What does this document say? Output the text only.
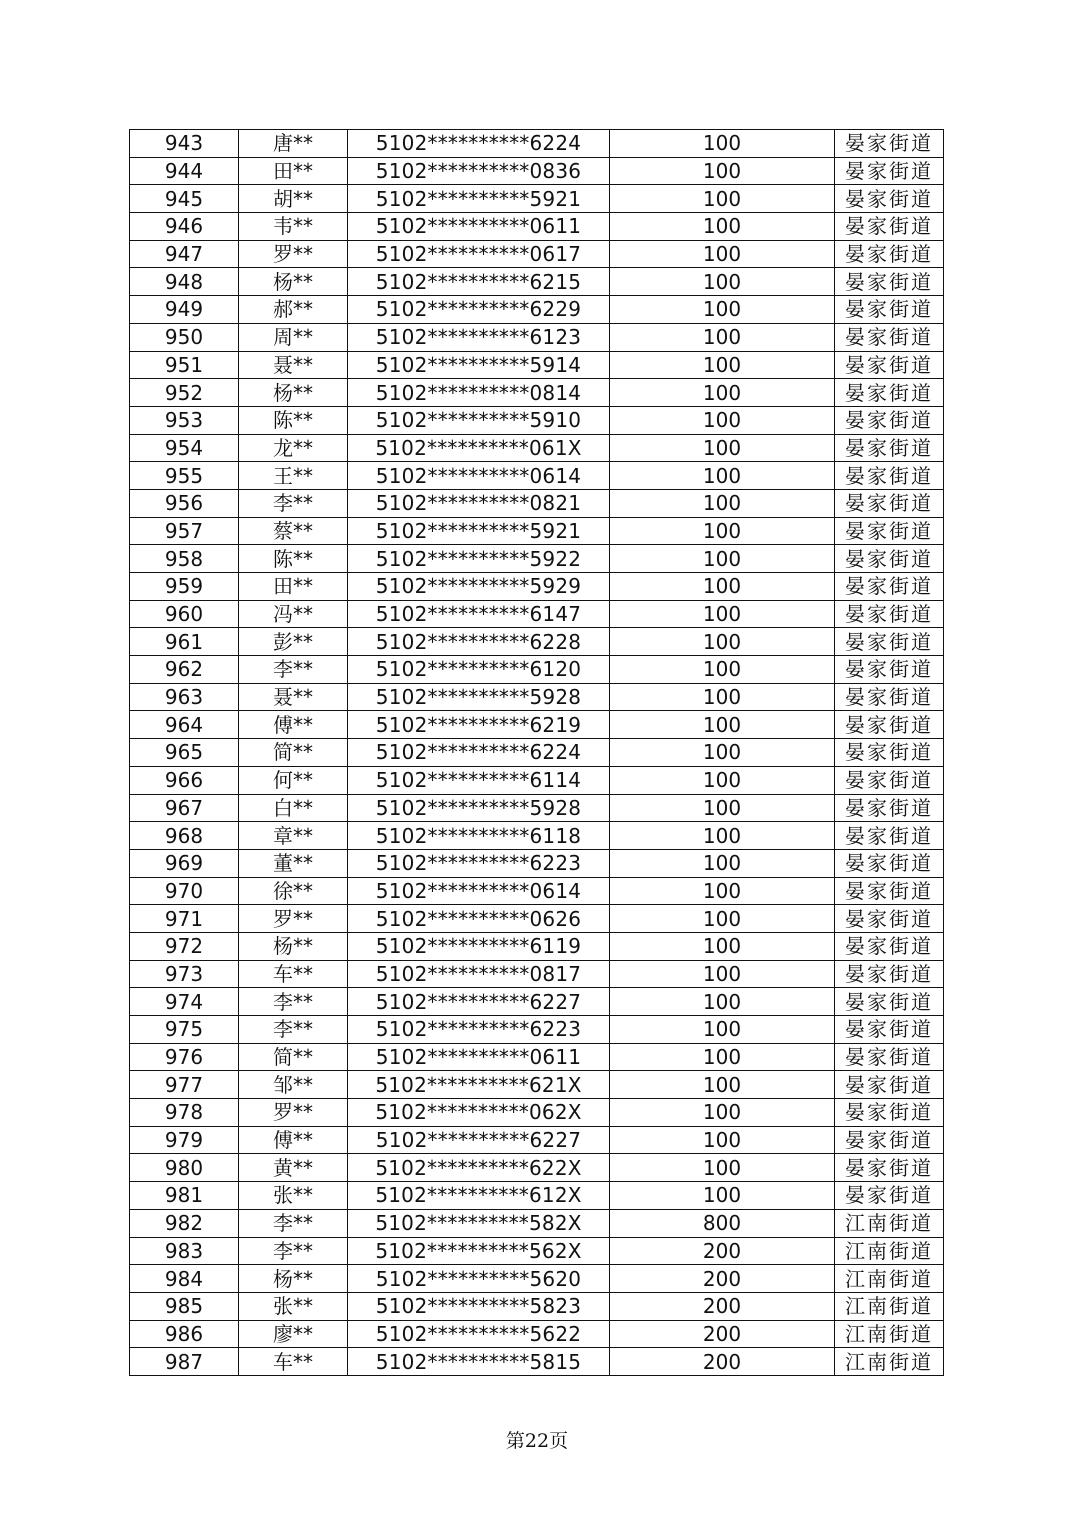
943	唐**	5102**********6224	100	晏家街道
944	田**	5102**********0836	100	晏家街道
945	胡**	5102**********5921	100	晏家街道
946	韦**	5102**********0611	100	晏家街道
947	罗**	5102**********0617	100	晏家街道
948	杨**	5102**********6215	100	晏家街道
949	郝**	5102**********6229	100	晏家街道
950	周**	5102**********6123	100	晏家街道
951	聂**	5102**********5914	100	晏家街道
952	杨**	5102**********0814	100	晏家街道
953	陈**	5102**********5910	100	晏家街道
954	龙**	5102**********061X	100	晏家街道
955	王**	5102**********0614	100	晏家街道
956	李**	5102**********0821	100	晏家街道
957	蔡**	5102**********5921	100	晏家街道
958	陈**	5102**********5922	100	晏家街道
959	田**	5102**********5929	100	晏家街道
960	冯**	5102**********6147	100	晏家街道
961	彭**	5102**********6228	100	晏家街道
962	李**	5102**********6120	100	晏家街道
963	聂**	5102**********5928	100	晏家街道
964	傅**	5102**********6219	100	晏家街道
965	简**	5102**********6224	100	晏家街道
966	何**	5102**********6114	100	晏家街道
967	白**	5102**********5928	100	晏家街道
968	章**	5102**********6118	100	晏家街道
969	董**	5102**********6223	100	晏家街道
970	徐**	5102**********0614	100	晏家街道
971	罗**	5102**********0626	100	晏家街道
972	杨**	5102**********6119	100	晏家街道
973	车**	5102**********0817	100	晏家街道
974	李**	5102**********6227	100	晏家街道
975	李**	5102**********6223	100	晏家街道
976	简**	5102**********0611	100	晏家街道
977	邹**	5102**********621X	100	晏家街道
978	罗**	5102**********062X	100	晏家街道
979	傅**	5102**********6227	100	晏家街道
980	黄**	5102**********622X	100	晏家街道
981	张**	5102**********612X	100	晏家街道
982	李**	5102**********582X	800	江南街道
983	李**	5102**********562X	200	江南街道
984	杨**	5102**********5620	200	江南街道
985	张**	5102**********5823	200	江南街道
986	廖**	5102**********5622	200	江南街道
987	车**	5102**********5815	200	江南街道
第22页
